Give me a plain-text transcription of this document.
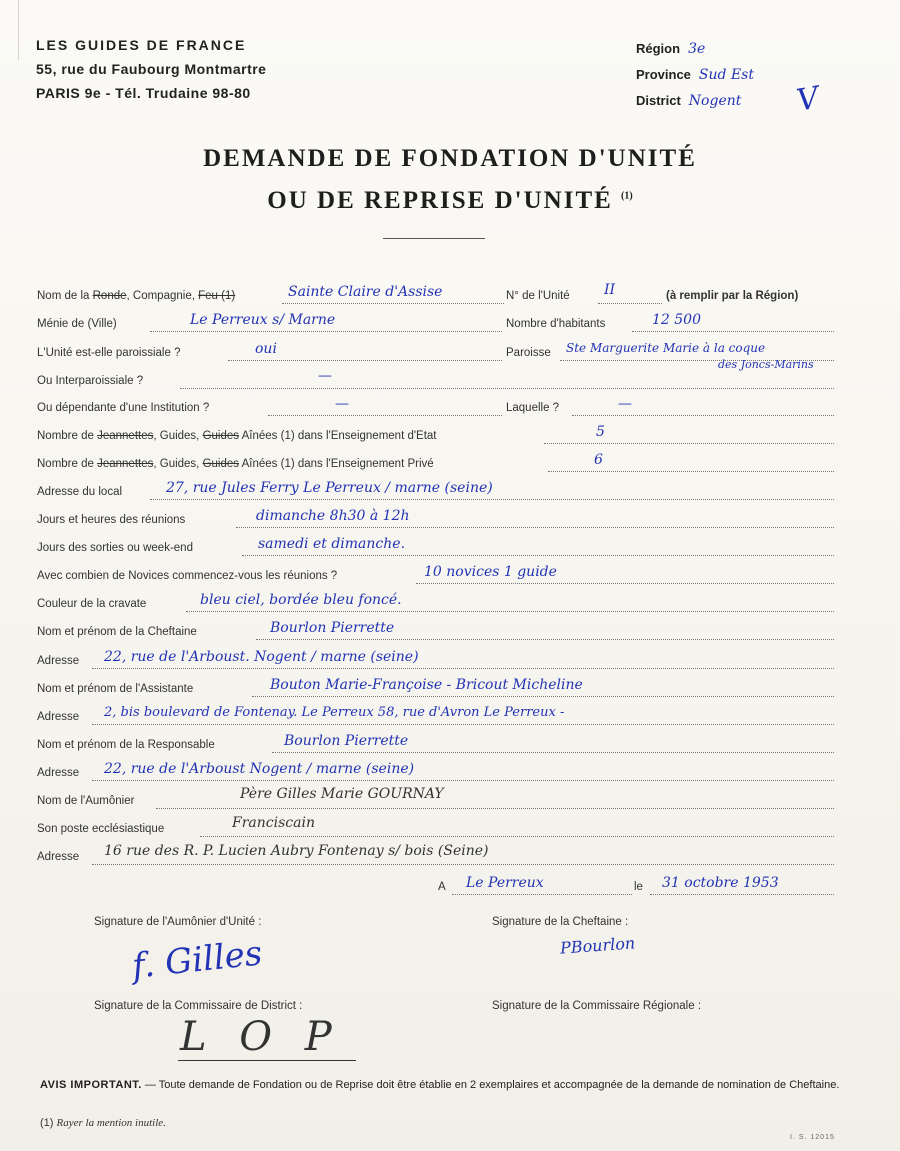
LES GUIDES DE FRANCE
55, rue du Faubourg Montmartre
PARIS 9e - Tél. Trudaine 98-80
Région 3e
Province Sud Est
District Nogent	V
DEMANDE DE FONDATION D'UNITÉ
OU DE REPRISE D'UNITÉ $^{(1)}$
Nom de la Ronde, Compagnie, Feu (1)	Sainte Claire d'Assise	N° de l'Unité II	(à remplir par la Région)
Ménie de (Ville)	Le Perreux s/ Marne	Nombre d'habitants	12 500
L'Unité est-elle paroissiale ?	oui	Paroisse Ste Marguerite Marie à la coque
des Joncs-Marins
Ou Interparoissiale ?	—
Ou dépendante d'une Institution ?	—	Laquelle ?	—
Nombre de Jeannettes, Guides, Guides Aînées (1) dans l'Enseignement d'Etat	5
Nombre de Jeannettes, Guides, Guides Aînées (1) dans l'Enseignement Privé	6
Adresse du local	27, rue Jules Ferry Le Perreux / marne (seine)
Jours et heures des réunions	dimanche 8h30 à 12h
Jours des sorties ou week-end	samedi et dimanche.
Avec combien de Novices commencez-vous les réunions ?	10 novices 1 guide
Couleur de la cravate	bleu ciel, bordée bleu foncé.
Nom et prénom de la Cheftaine	Bourlon Pierrette
Adresse 22, rue de l'Arboust. Nogent / marne (seine)
Nom et prénom de l'Assistante	Bouton Marie-Françoise - Bricout Micheline
Adresse 2, bis boulevard de Fontenay. Le Perreux 58, rue d'Avron Le Perreux -
Nom et prénom de la Responsable	Bourlon Pierrette
Adresse 22, rue de l'Arboust Nogent / marne (seine)
Nom de l'Aumônier	Père Gilles Marie GOURNAY
Son poste ecclésiastique	Franciscain
Adresse 16 rue des R. P. Lucien Aubry Fontenay s/ bois (Seine)
A Le Perreux	le 31 octobre 1953
Signature de l'Aumônier d'Unité :
f. Gilles
Signature de la Cheftaine :
PBourlon
Signature de la Commissaire de District :
L O P
Signature de la Commissaire Régionale :
AVIS IMPORTANT. — Toute demande de Fondation ou de Reprise doit être établie en 2 exemplaires et accompagnée de la demande de nomination de Cheftaine.
(1) Rayer la mention inutile.
I. S. 12015
